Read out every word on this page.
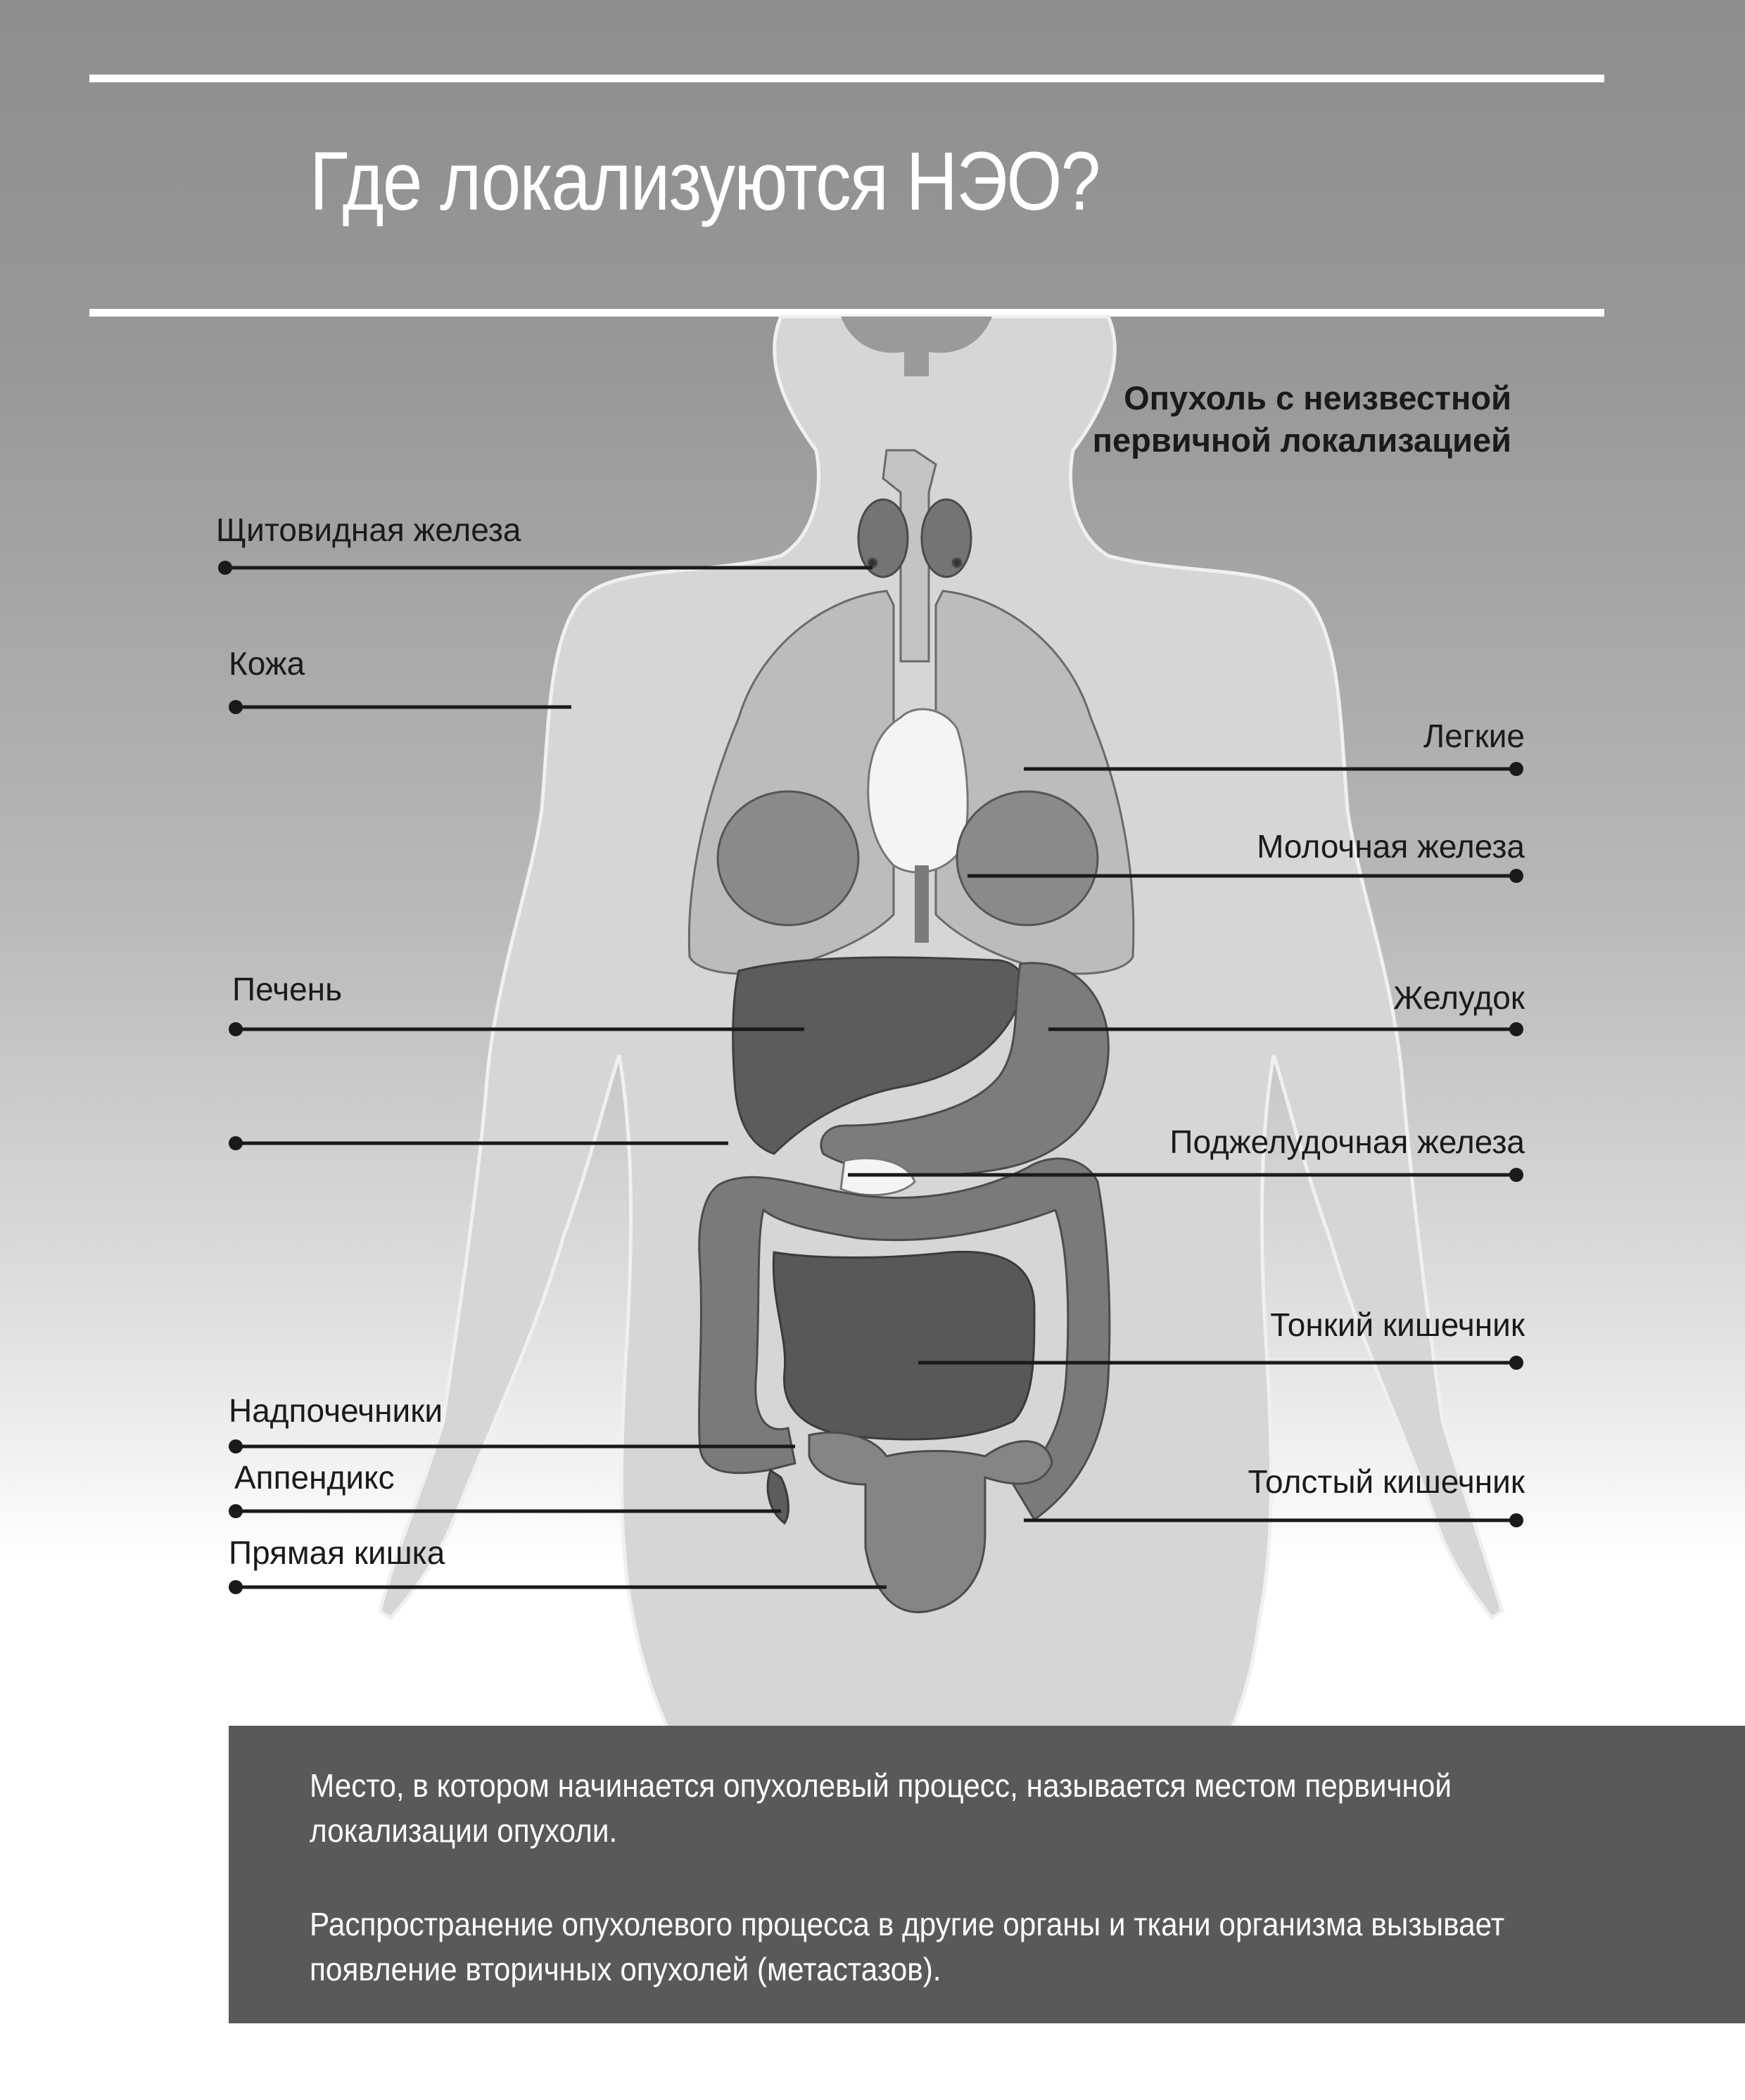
Где локализуются НЭО?

Опухоль с неизвестной первичной локализацией

Щитовидная железа
Кожа
Печень
Надпочечники
Аппендикс
Прямая кишка
Легкие
Молочная железа
Желудок
Поджелудочная железа
Тонкий кишечник
Толстый кишечник

Место, в котором начинается опухолевый процесс, называется местом первичной локализации опухоли.

Распространение опухолевого процесса в другие органы и ткани организма вызывает появление вторичных опухолей (метастазов).
